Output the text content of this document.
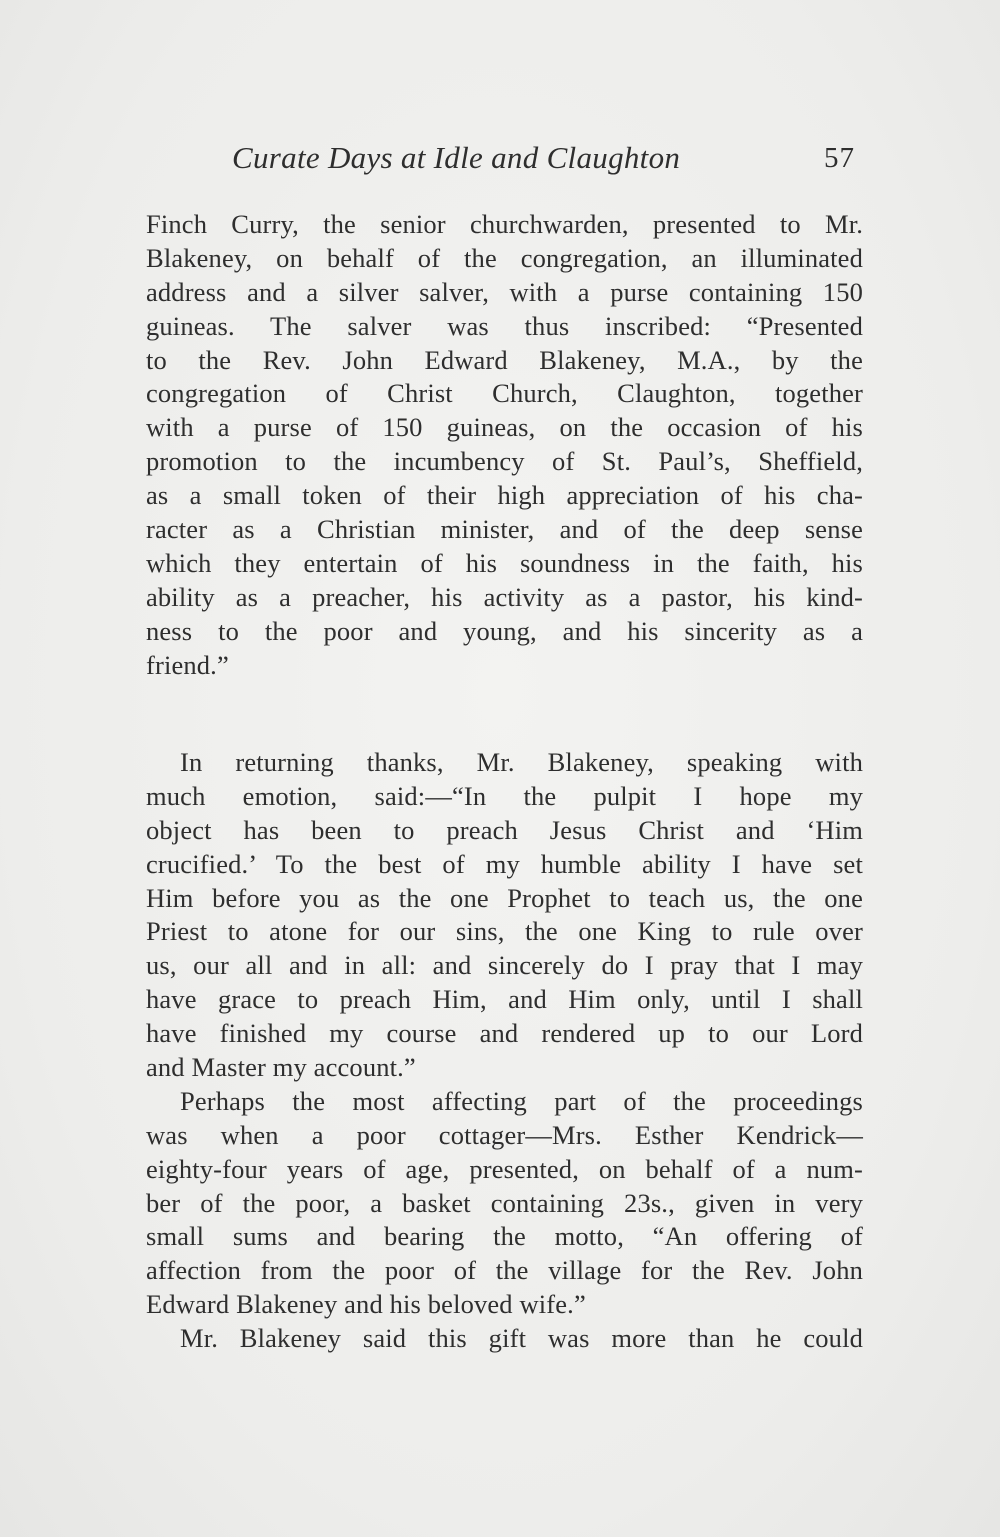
Curate Days at Idle and Claughton	57
Finch Curry, the senior churchwarden, presented to Mr.
Blakeney, on behalf of the congregation, an illuminated
address and a silver salver, with a purse containing 150
guineas. The salver was thus inscribed: “Presented
to the Rev. John Edward Blakeney, M.A., by the
congregation of Christ Church, Claughton, together
with a purse of 150 guineas, on the occasion of his
promotion to the incumbency of St. Paul’s, Sheffield,
as a small token of their high appreciation of his cha-
racter as a Christian minister, and of the deep sense
which they entertain of his soundness in the faith, his
ability as a preacher, his activity as a pastor, his kind-
ness to the poor and young, and his sincerity as a
friend.”
In returning thanks, Mr. Blakeney, speaking with
much emotion, said:—“In the pulpit I hope my
object has been to preach Jesus Christ and ‘Him
crucified.’ To the best of my humble ability I have set
Him before you as the one Prophet to teach us, the one
Priest to atone for our sins, the one King to rule over
us, our all and in all: and sincerely do I pray that I may
have grace to preach Him, and Him only, until I shall
have finished my course and rendered up to our Lord
and Master my account.”
Perhaps the most affecting part of the proceedings
was when a poor cottager—Mrs. Esther Kendrick—
eighty-four years of age, presented, on behalf of a num-
ber of the poor, a basket containing 23s., given in very
small sums and bearing the motto, “An offering of
affection from the poor of the village for the Rev. John
Edward Blakeney and his beloved wife.”
Mr. Blakeney said this gift was more than he could
